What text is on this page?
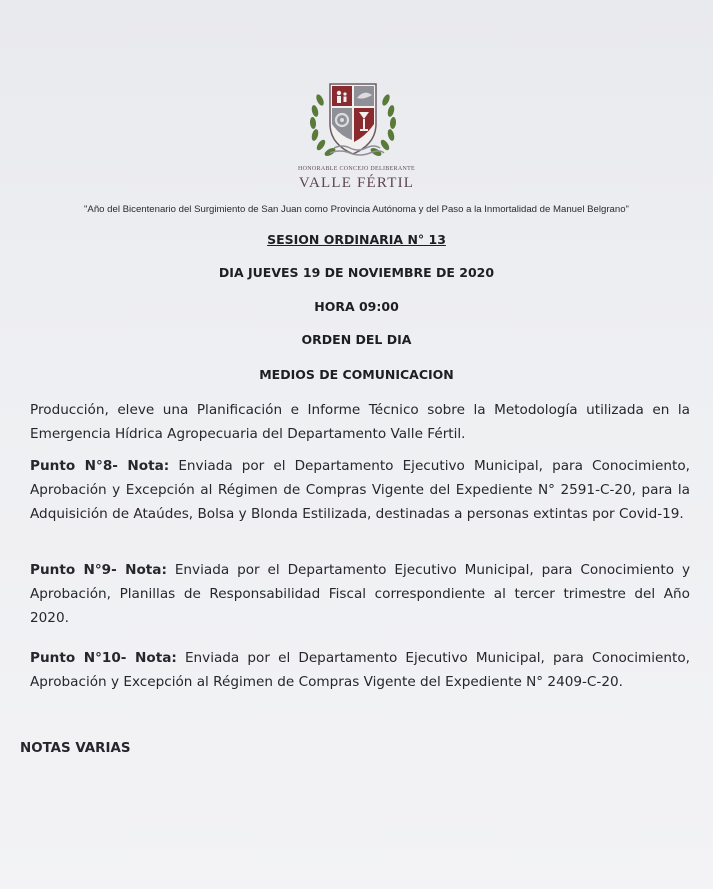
HONORABLE CONCEJO DELIBERANTE
VALLE FÉRTIL
"Año del Bicentenario del Surgimiento de San Juan como Provincia Autónoma y del Paso a la Inmortalidad de Manuel Belgrano"
SESION ORDINARIA N° 13
DIA JUEVES 19 DE NOVIEMBRE DE 2020
HORA 09:00
ORDEN DEL DIA
MEDIOS DE COMUNICACION
Producción, eleve una Planificación e Informe Técnico sobre la Metodología utilizada en la Emergencia Hídrica Agropecuaria del Departamento Valle Fértil.
Punto N°8- Nota: Enviada por el Departamento Ejecutivo Municipal, para Conocimiento, Aprobación y Excepción al Régimen de Compras Vigente del Expediente N° 2591-C-20, para la Adquisición de Ataúdes, Bolsa y Blonda Estilizada, destinadas a personas extintas por Covid-19.
Punto N°9- Nota: Enviada por el Departamento Ejecutivo Municipal, para Conocimiento y Aprobación, Planillas de Responsabilidad Fiscal correspondiente al tercer trimestre del Año 2020.
Punto N°10- Nota: Enviada por el Departamento Ejecutivo Municipal, para Conocimiento, Aprobación y Excepción al Régimen de Compras Vigente del Expediente N° 2409-C-20.
NOTAS VARIAS
